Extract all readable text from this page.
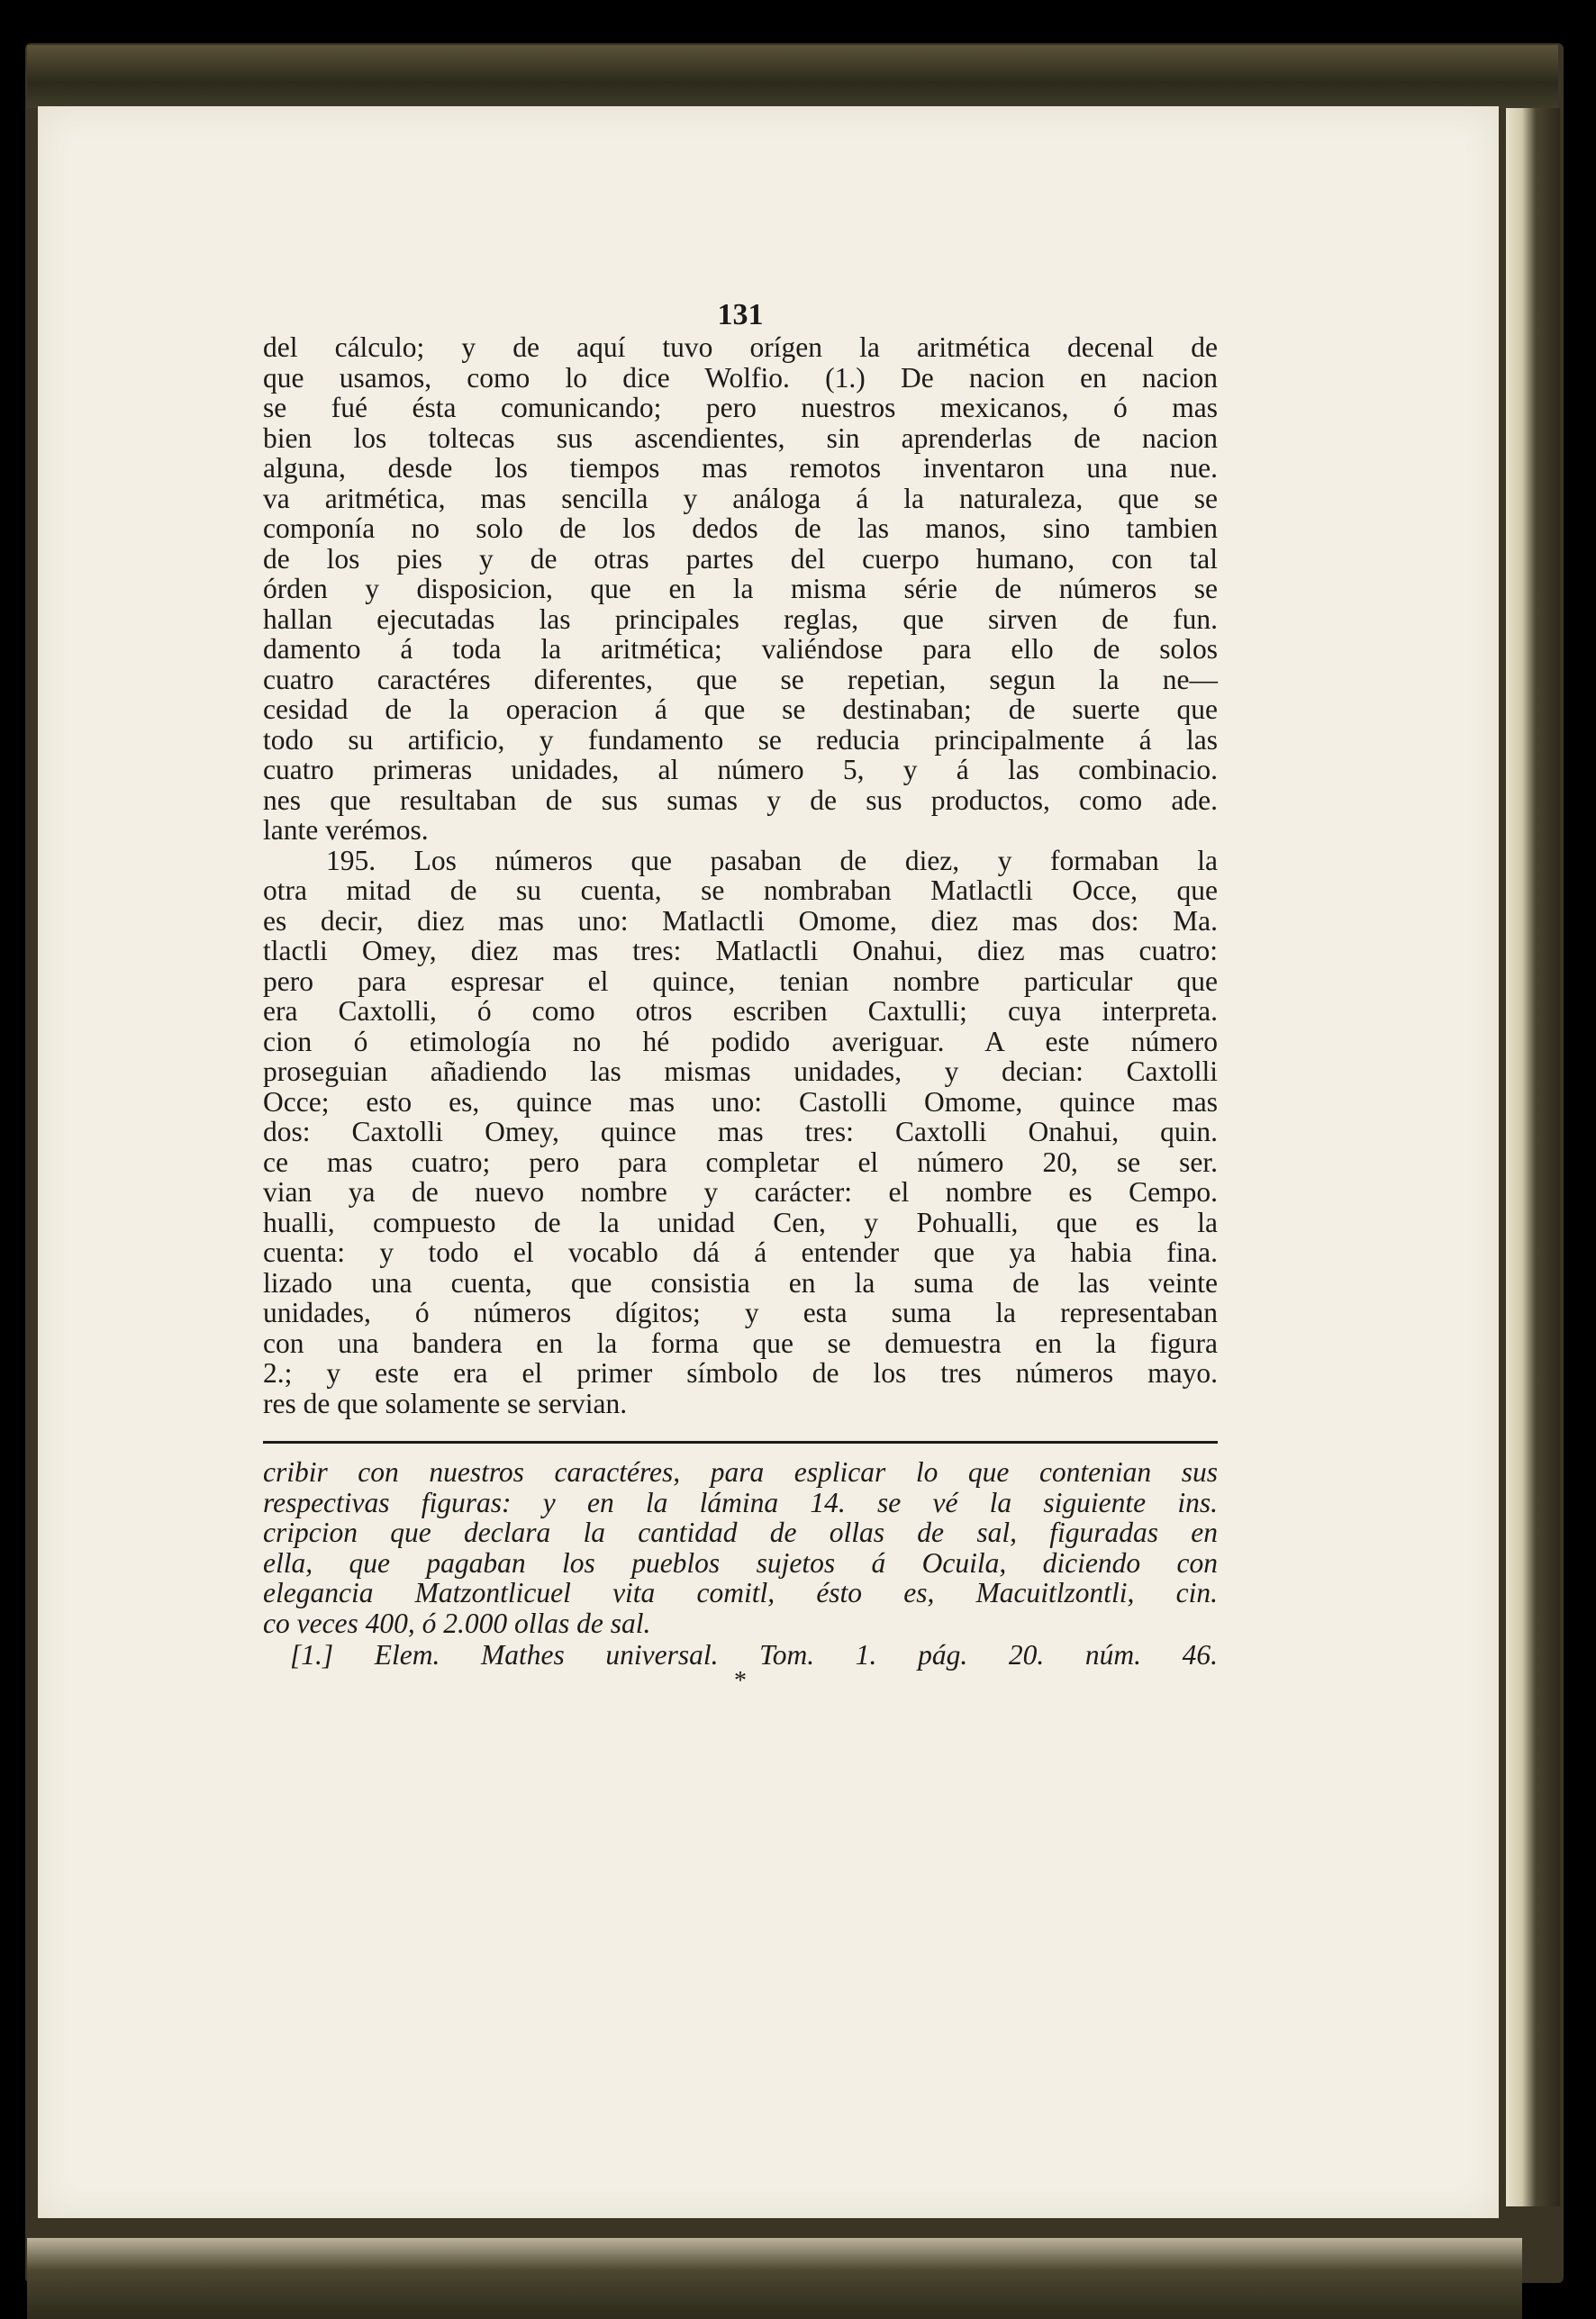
131
del cálculo; y de aquí tuvo orígen la aritmética decenal de
que usamos, como lo dice Wolfio. (1.) De nacion en nacion
se fué ésta comunicando; pero nuestros mexicanos, ó mas
bien los toltecas sus ascendientes, sin aprenderlas de nacion
alguna, desde los tiempos mas remotos inventaron una nue.
va aritmética, mas sencilla y análoga á la naturaleza, que se
componía no solo de los dedos de las manos, sino tambien
de los pies y de otras partes del cuerpo humano, con tal
órden y disposicion, que en la misma série de números se
hallan ejecutadas las principales reglas, que sirven de fun.
damento á toda la aritmética; valiéndose para ello de solos
cuatro caractéres diferentes, que se repetian, segun la ne—
cesidad de la operacion á que se destinaban; de suerte que
todo su artificio, y fundamento se reducia principalmente á las
cuatro primeras unidades, al número 5, y á las combinacio.
nes que resultaban de sus sumas y de sus productos, como ade.
lante verémos.
195. Los números que pasaban de diez, y formaban la
otra mitad de su cuenta, se nombraban Matlactli Occe, que
es decir, diez mas uno: Matlactli Omome, diez mas dos: Ma.
tlactli Omey, diez mas tres: Matlactli Onahui, diez mas cuatro:
pero para espresar el quince, tenian nombre particular que
era Caxtolli, ó como otros escriben Caxtulli; cuya interpreta.
cion ó etimología no hé podido averiguar. A este número
proseguian añadiendo las mismas unidades, y decian: Caxtolli
Occe; esto es, quince mas uno: Castolli Omome, quince mas
dos: Caxtolli Omey, quince mas tres: Caxtolli Onahui, quin.
ce mas cuatro; pero para completar el número 20, se ser.
vian ya de nuevo nombre y carácter: el nombre es Cempo.
hualli, compuesto de la unidad Cen, y Pohualli, que es la
cuenta: y todo el vocablo dá á entender que ya habia fina.
lizado una cuenta, que consistia en la suma de las veinte
unidades, ó números dígitos; y esta suma la representaban
con una bandera en la forma que se demuestra en la figura
2.; y este era el primer símbolo de los tres números mayo.
res de que solamente se servian.
cribir con nuestros caractéres, para esplicar lo que contenian sus
respectivas figuras: y en la lámina 14. se vé la siguiente ins.
cripcion que declara la cantidad de ollas de sal, figuradas en
ella, que pagaban los pueblos sujetos á Ocuila, diciendo con
elegancia Matzontlicuel vita comitl, ésto es, Macuitlzontli, cin.
co veces 400, ó 2.000 ollas de sal.
[1.] Elem. Mathes universal. Tom. 1. pág. 20. núm. 46.
*
